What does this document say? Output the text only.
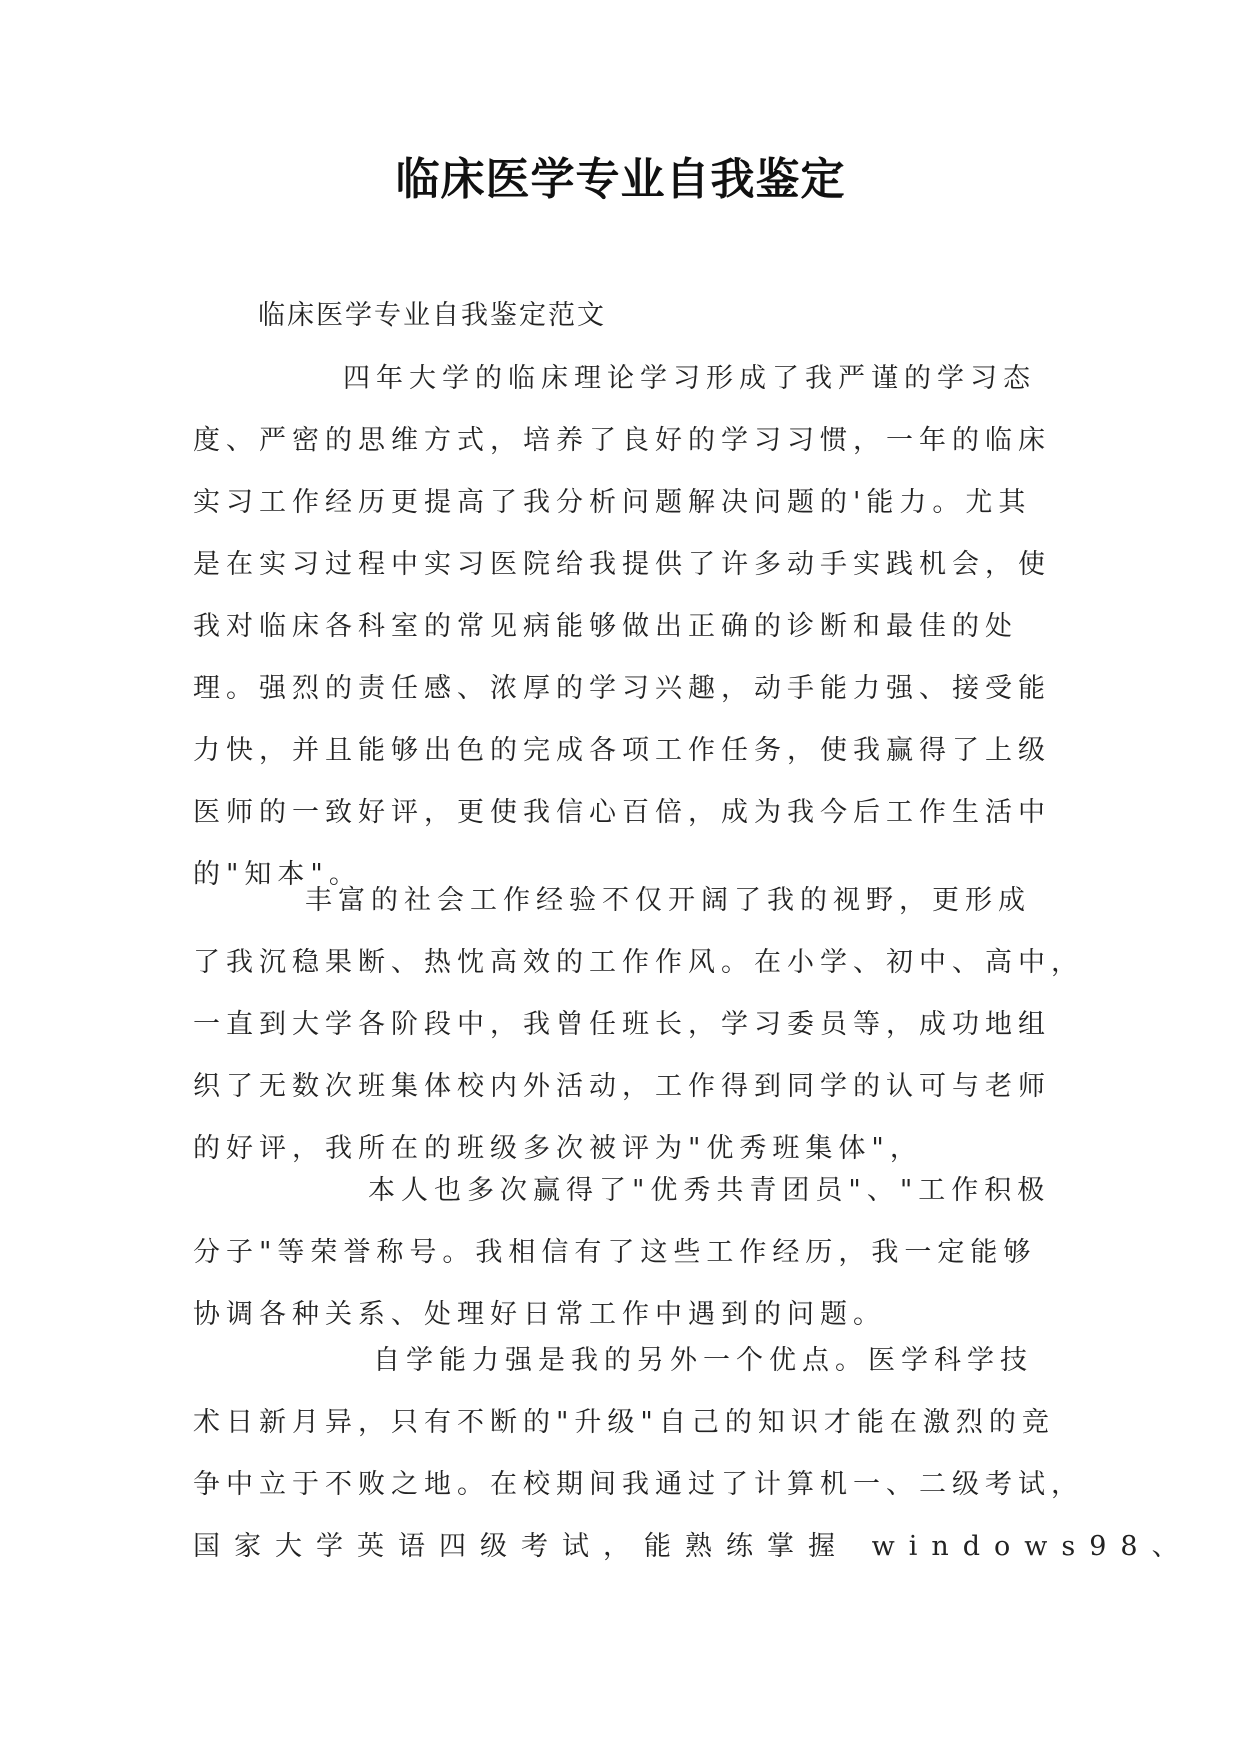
临床医学专业自我鉴定
临床医学专业自我鉴定范文
四年大学的临床理论学习形成了我严谨的学习态
度、严密的思维方式，培养了良好的学习习惯，一年的临床
实习工作经历更提高了我分析问题解决问题的'能力。尤其
是在实习过程中实习医院给我提供了许多动手实践机会，使
我对临床各科室的常见病能够做出正确的诊断和最佳的处
理。强烈的责任感、浓厚的学习兴趣，动手能力强、接受能
力快，并且能够出色的完成各项工作任务，使我赢得了上级
医师的一致好评，更使我信心百倍，成为我今后工作生活中
的"知本"。
丰富的社会工作经验不仅开阔了我的视野，更形成
了我沉稳果断、热忱高效的工作作风。在小学、初中、高中，
一直到大学各阶段中，我曾任班长，学习委员等，成功地组
织了无数次班集体校内外活动，工作得到同学的认可与老师
的好评，我所在的班级多次被评为"优秀班集体"，
本人也多次赢得了"优秀共青团员"、"工作积极
分子"等荣誉称号。我相信有了这些工作经历，我一定能够
协调各种关系、处理好日常工作中遇到的问题。
自学能力强是我的另外一个优点。医学科学技
术日新月异，只有不断的"升级"自己的知识才能在激烈的竞
争中立于不败之地。在校期间我通过了计算机一、二级考试，
国家大学英语四级考试，能熟练掌握 windows98、
